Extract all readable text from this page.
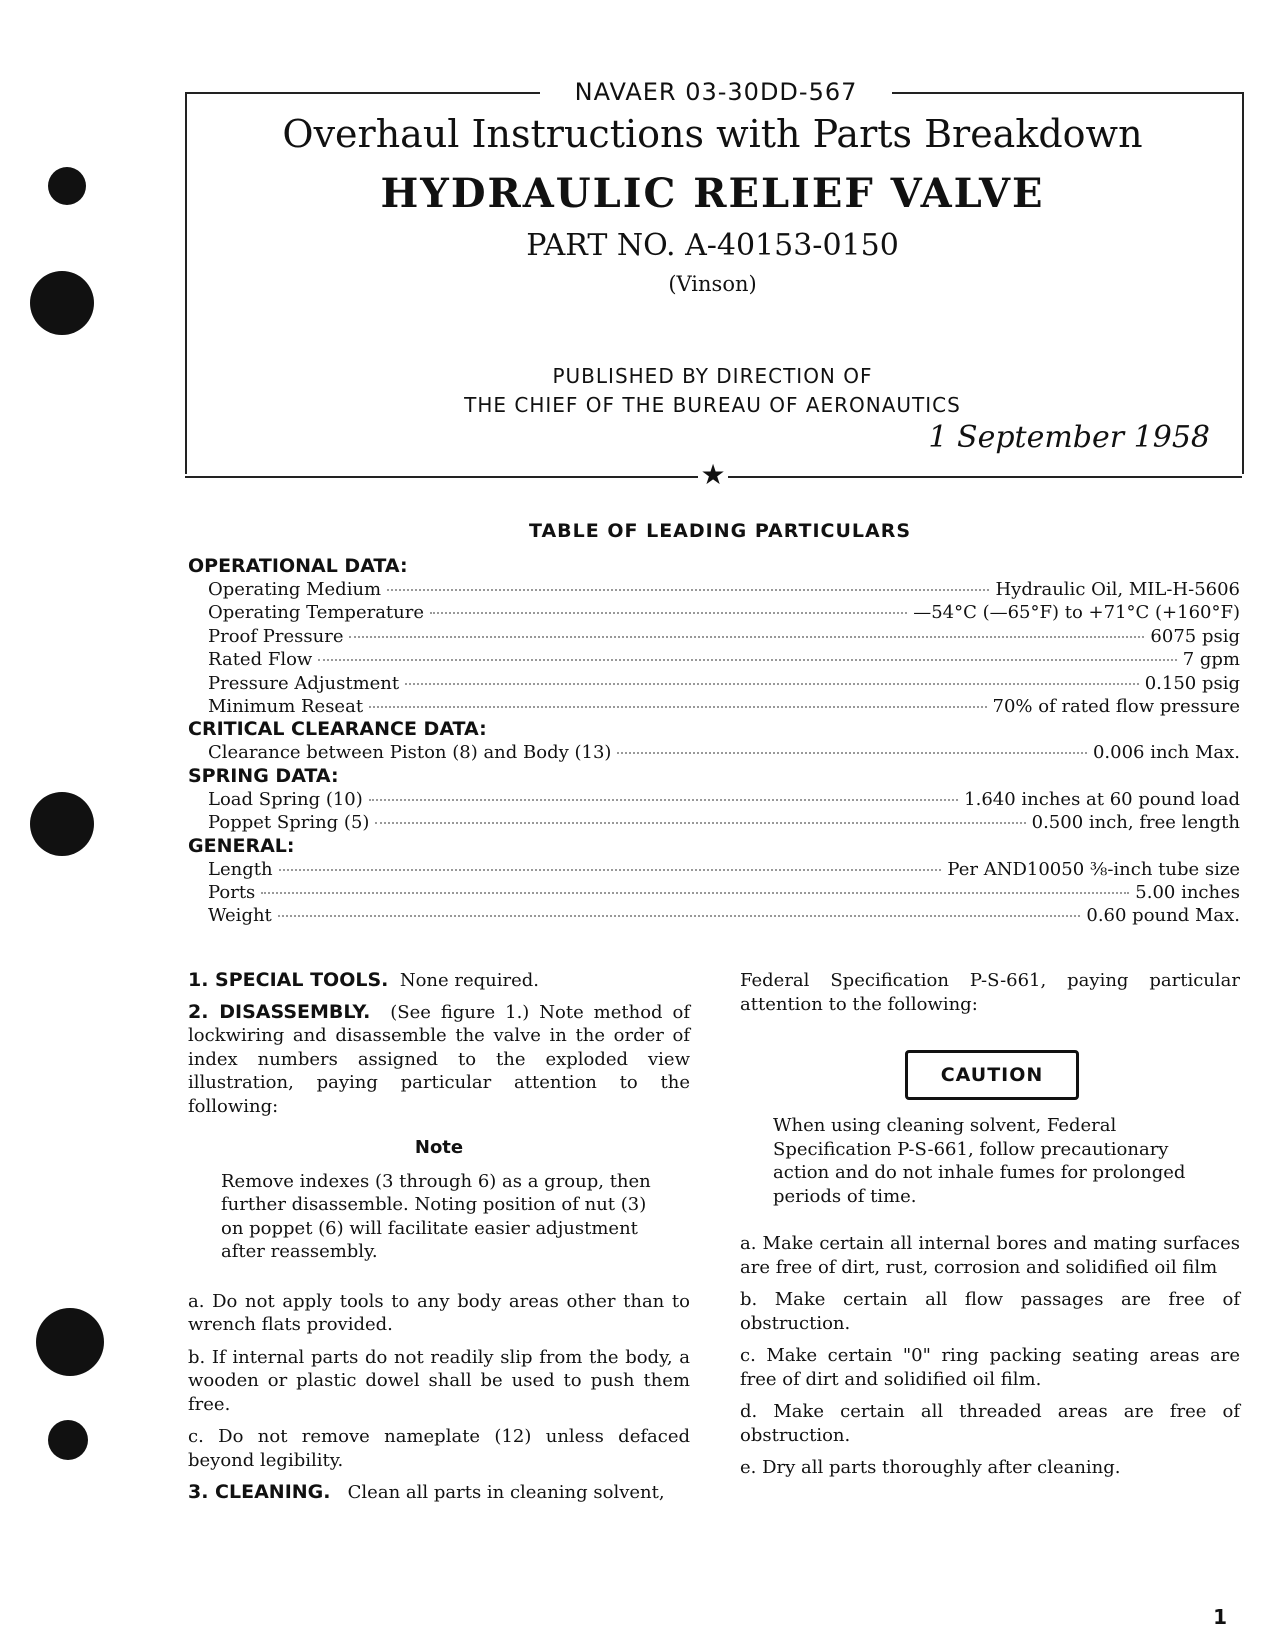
NAVAER 03-30DD-567
Overhaul Instructions with Parts Breakdown
HYDRAULIC RELIEF VALVE
PART NO. A-40153-0150
(Vinson)
PUBLISHED BY DIRECTION OF
THE CHIEF OF THE BUREAU OF AERONAUTICS
1 September 1958
★
TABLE OF LEADING PARTICULARS
OPERATIONAL DATA:
Operating Medium	Hydraulic Oil, MIL-H-5606
Operating Temperature	—54°C (—65°F) to +71°C (+160°F)
Proof Pressure	6075 psig
Rated Flow	7 gpm
Pressure Adjustment	0.150 psig
Minimum Reseat	70% of rated flow pressure
CRITICAL CLEARANCE DATA:
Clearance between Piston (8) and Body (13)	0.006 inch Max.
SPRING DATA:
Load Spring (10)	1.640 inches at 60 pound load
Poppet Spring (5)	0.500 inch, free length
GENERAL:
Length	Per AND10050 ⅜-inch tube size
Ports	5.00 inches
Weight	0.60 pound Max.

1. SPECIAL TOOLS. None required.

2. DISASSEMBLY. (See figure 1.) Note method of lockwiring and disassemble the valve in the order of index numbers assigned to the exploded view illustration, paying particular attention to the following:

Note

Remove indexes (3 through 6) as a group, then further disassemble. Noting position of nut (3) on poppet (6) will facilitate easier adjustment after reassembly.

a. Do not apply tools to any body areas other than to wrench flats provided.

b. If internal parts do not readily slip from the body, a wooden or plastic dowel shall be used to push them free.

c. Do not remove nameplate (12) unless defaced beyond legibility.

3. CLEANING. Clean all parts in cleaning solvent,

Federal Specification P-S-661, paying particular attention to the following:

CAUTION

When using cleaning solvent, Federal Specification P-S-661, follow precautionary action and do not inhale fumes for prolonged periods of time.

a. Make certain all internal bores and mating surfaces are free of dirt, rust, corrosion and solidified oil film

b. Make certain all flow passages are free of obstruction.

c. Make certain "0" ring packing seating areas are free of dirt and solidified oil film.

d. Make certain all threaded areas are free of obstruction.

e. Dry all parts thoroughly after cleaning.

1
